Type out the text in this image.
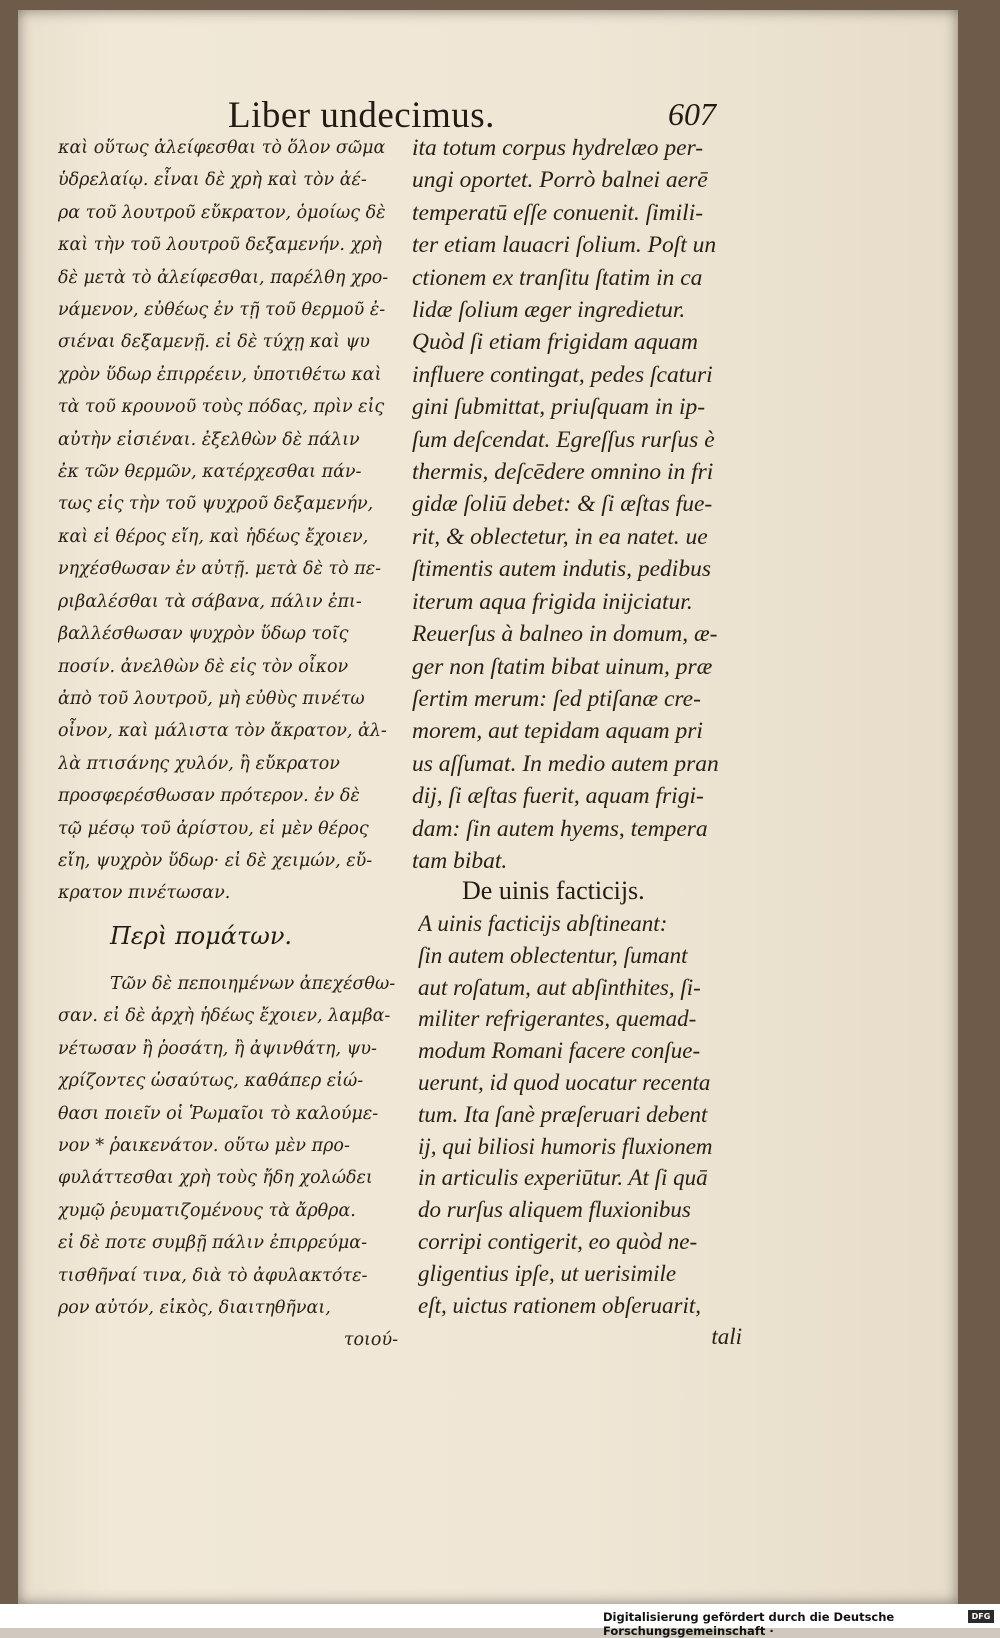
Liber undecimus.	607
καὶ οὕτως ἀλείφεσθαι τὸ ὅλον σῶμα
ὑδρελαίῳ. εἶναι δὲ χρὴ καὶ τὸν ἀέ-
ρα τοῦ λουτροῦ εὔκρατον, ὁμοίως δὲ
καὶ τὴν τοῦ λουτροῦ δεξαμενήν. χρὴ
δὲ μετὰ τὸ ἀλείφεσθαι, παρέλθη χρο-
νάμενον, εὐθέως ἐν τῇ τοῦ θερμοῦ ἐ-
σιέναι δεξαμενῇ. εἰ δὲ τύχῃ καὶ ψυ
χρὸν ὕδωρ ἐπιρρέειν, ὑποτιθέτω καὶ
τὰ τοῦ κρουνοῦ τοὺς πόδας, πρὶν εἰς
αὐτὴν εἰσιέναι. ἐξελθὼν δὲ πάλιν
ἐκ τῶν θερμῶν, κατέρχεσθαι πάν-
τως εἰς τὴν τοῦ ψυχροῦ δεξαμενήν,
καὶ εἰ θέρος εἴη, καὶ ἡδέως ἔχοιεν,
νηχέσθωσαν ἐν αὐτῇ. μετὰ δὲ τὸ πε-
ριβαλέσθαι τὰ σάβανα, πάλιν ἐπι-
βαλλέσθωσαν ψυχρὸν ὕδωρ τοῖς
ποσίν. ἀνελθὼν δὲ εἰς τὸν οἶκον
ἀπὸ τοῦ λουτροῦ, μὴ εὐθὺς πινέτω
οἶνον, καὶ μάλιστα τὸν ἄκρατον, ἀλ-
λὰ πτισάνης χυλόν, ἢ εὔκρατον
προσφερέσθωσαν πρότερον. ἐν δὲ
τῷ μέσῳ τοῦ ἀρίστου, εἰ μὲν θέρος
εἴη, ψυχρὸν ὕδωρ· εἰ δὲ χειμών, εὔ-
κρατον πινέτωσαν.
ita totum corpus hydrelæo per-
ungi oportet. Porrò balnei aerē
temperatū eſſe conuenit. ſimili-
ter etiam lauacri ſolium. Poſt un
ctionem ex tranſitu ſtatim in ca
lidæ ſolium æger ingredietur.
Quòd ſi etiam frigidam aquam
influere contingat, pedes ſcaturi
gini ſubmittat, priuſquam in ip-
ſum deſcendat. Egreſſus rurſus è
thermis, deſcēdere omnino in fri
gidæ ſoliū debet: & ſi æſtas fue-
rit, & oblectetur, in ea natet. ue
ſtimentis autem indutis, pedibus
iterum aqua frigida inijciatur.
Reuerſus à balneo in domum, æ-
ger non ſtatim bibat uinum, præ
ſertim merum: ſed ptiſanæ cre-
morem, aut tepidam aquam pri
us aſſumat. In medio autem pran
dij, ſi æſtas fuerit, aquam frigi-
dam: ſin autem hyems, tempera
tam bibat.
Περὶ πομάτων.
De uinis facticijs.
Τῶν δὲ πεποιημένων ἀπεχέσθω-
σαν. εἰ δὲ ἀρχὴ ἡδέως ἔχοιεν, λαμβα-
νέτωσαν ἢ ῥοσάτη, ἢ ἀψινθάτη, ψυ-
χρίζοντες ὡσαύτως, καθάπερ εἰώ-
θασι ποιεῖν οἱ Ῥωμαῖοι τὸ καλούμε-
νον * ῥαικενάτον. οὕτω μὲν προ-
φυλάττεσθαι χρὴ τοὺς ἤδη χολώδει
χυμῷ ῥευματιζομένους τὰ ἄρθρα.
εἰ δὲ ποτε συμβῇ πάλιν ἐπιρρεύμα-
τισθῆναί τινα, διὰ τὸ ἀφυλακτότε-
ρον αὐτόν, εἰκὸς, διαιτηθῆναι,
τοιού-
A uinis facticijs abſtineant:
ſin autem oblectentur, ſumant
aut roſatum, aut abſinthites, ſi-
militer refrigerantes, quemad-
modum Romani facere conſue-
uerunt, id quod uocatur recenta
tum. Ita ſanè præſeruari debent
ij, qui biliosi humoris fluxionem
in articulis experiūtur. At ſi quā
do rurſus aliquem fluxionibus
corripi contigerit, eo quòd ne-
gligentius ipſe, ut uerisimile
eſt, uictus rationem obſeruarit,
tali
Digitalisierung gefördert durch die Deutsche Forschungsgemeinschaft ·
DFG
